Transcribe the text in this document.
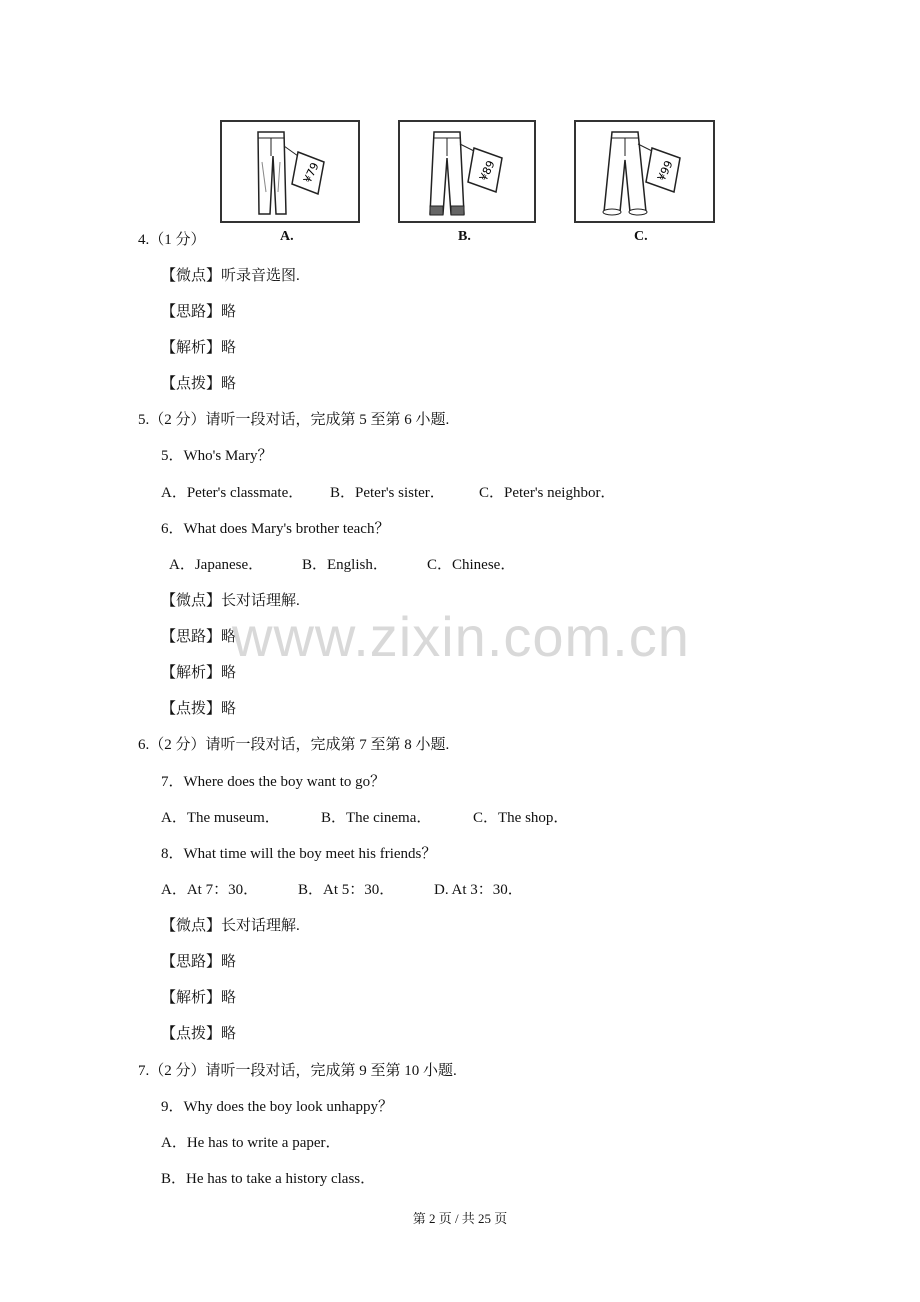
¥79	¥89	¥99
A.	B.	C.
4.（1 分）
【微点】听录音选图.
【思路】略
【解析】略
【点拨】略
5.（2 分）请听一段对话，完成第 5 至第 6 小题.
5．Who's Mary？
A．Peter's classmate． B．Peter's sister． C．Peter's neighbor．
6．What does Mary's brother teach？
A．Japanese．	B．English．	C．Chinese．
【微点】长对话理解.
【思路】略
【解析】略
【点拨】略
6.（2 分）请听一段对话，完成第 7 至第 8 小题.
7．Where does the boy want to go？
A．The museum．	B．The cinema．	C．The shop．
8．What time will the boy meet his friends？
A．At 7：30．	B．At 5：30．	D. At 3：30．
【微点】长对话理解.
【思路】略
【解析】略
【点拨】略
7.（2 分）请听一段对话，完成第 9 至第 10 小题.
9．Why does the boy look unhappy？
A．He has to write a paper．
B．He has to take a history class．
www.zixin.com.cn
第 2 页 / 共 25 页
